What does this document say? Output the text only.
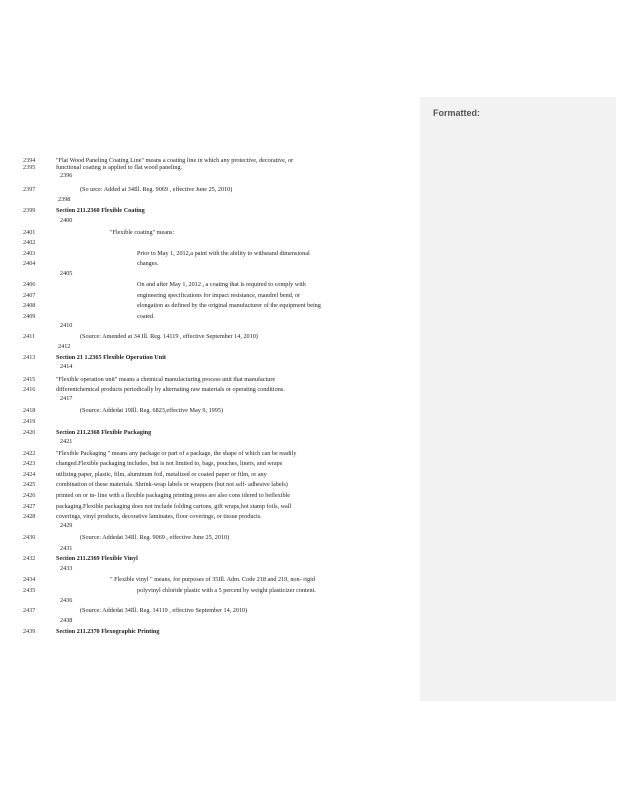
Formatted:
2394	"Flat Wood Paneling Coating Line" means a coating line in which any protective, decorative, or
2395	functional coating is applied to flat wood paneling.
2396
2397	(So urce: Added at 34Ill. Reg. 9069 , effective June 25, 2010)
2398
2399	Section 211.2360 Flexible Coating
2400
2401	"Flexible coating" means:
2402
2403	Prior to May 1, 2012,a paint with the ability to withstand dimensional
2404	changes.
2405
2406	On and after May 1, 2012 , a coating that is required to comply with
2407	engineering specifications for impact resistance, mandrel bend, or
2408	elongation as defined by the original manufacturer of the equipment being
2409	coated.
2410
2411	(Source: Amended at 34 Ill. Reg. 14119 , effective September 14, 2010)
2412
2413	Section 21 1.2365 Flexible Operation Unit
2414
2415	"Flexible operation unit" means a chemical manufacturing process unit that manufacture
2416	differentchemical products periodically by alternating raw materials or operating conditions.
2417
2418	(Source: Addedat 19Ill. Reg. 6823,effective May 9, 1995)
2419
2420	Section 211.2368 Flexible Packaging
2421
2422	"Flexible Packaging " means any package or part of a package, the shape of which can be readily
2423	changed.Flexible packaging includes, but is not limited to, bags, pouches, liners, and wraps
2424	utilizing paper, plastic, film, aluminum foil, metalized or coated paper or film, or any
2425	combination of these materials. Shrink-wrap labels or wrappers (but not self- adhesive labels)
2426	printed on or in- line with a flexible packaging printing press are also cons idered to beflexible
2427	packaging.Flexible packaging does not include folding cartons, gift wraps,hot stamp foils, wall
2428	coverings, vinyl products, decorative laminates, floor coverings, or tissue products.
2429
2430	(Source: Addedat 34Ill. Reg. 9069 , effective June 25, 2010)
2431
2432	Section 211.2369 Flexible Vinyl
2433
2434	" Flexible vinyl " means, for purposes of 35Ill. Adm. Code 218 and 219, non- rigid
2435	polyvinyl chloride plastic with a 5 percent by weight plasticizer content.
2436
2437	(Source: Addedat 34Ill. Reg. 14119 , effective September 14, 2010)
2438
2439	Section 211.2370 Flexographic Printing
